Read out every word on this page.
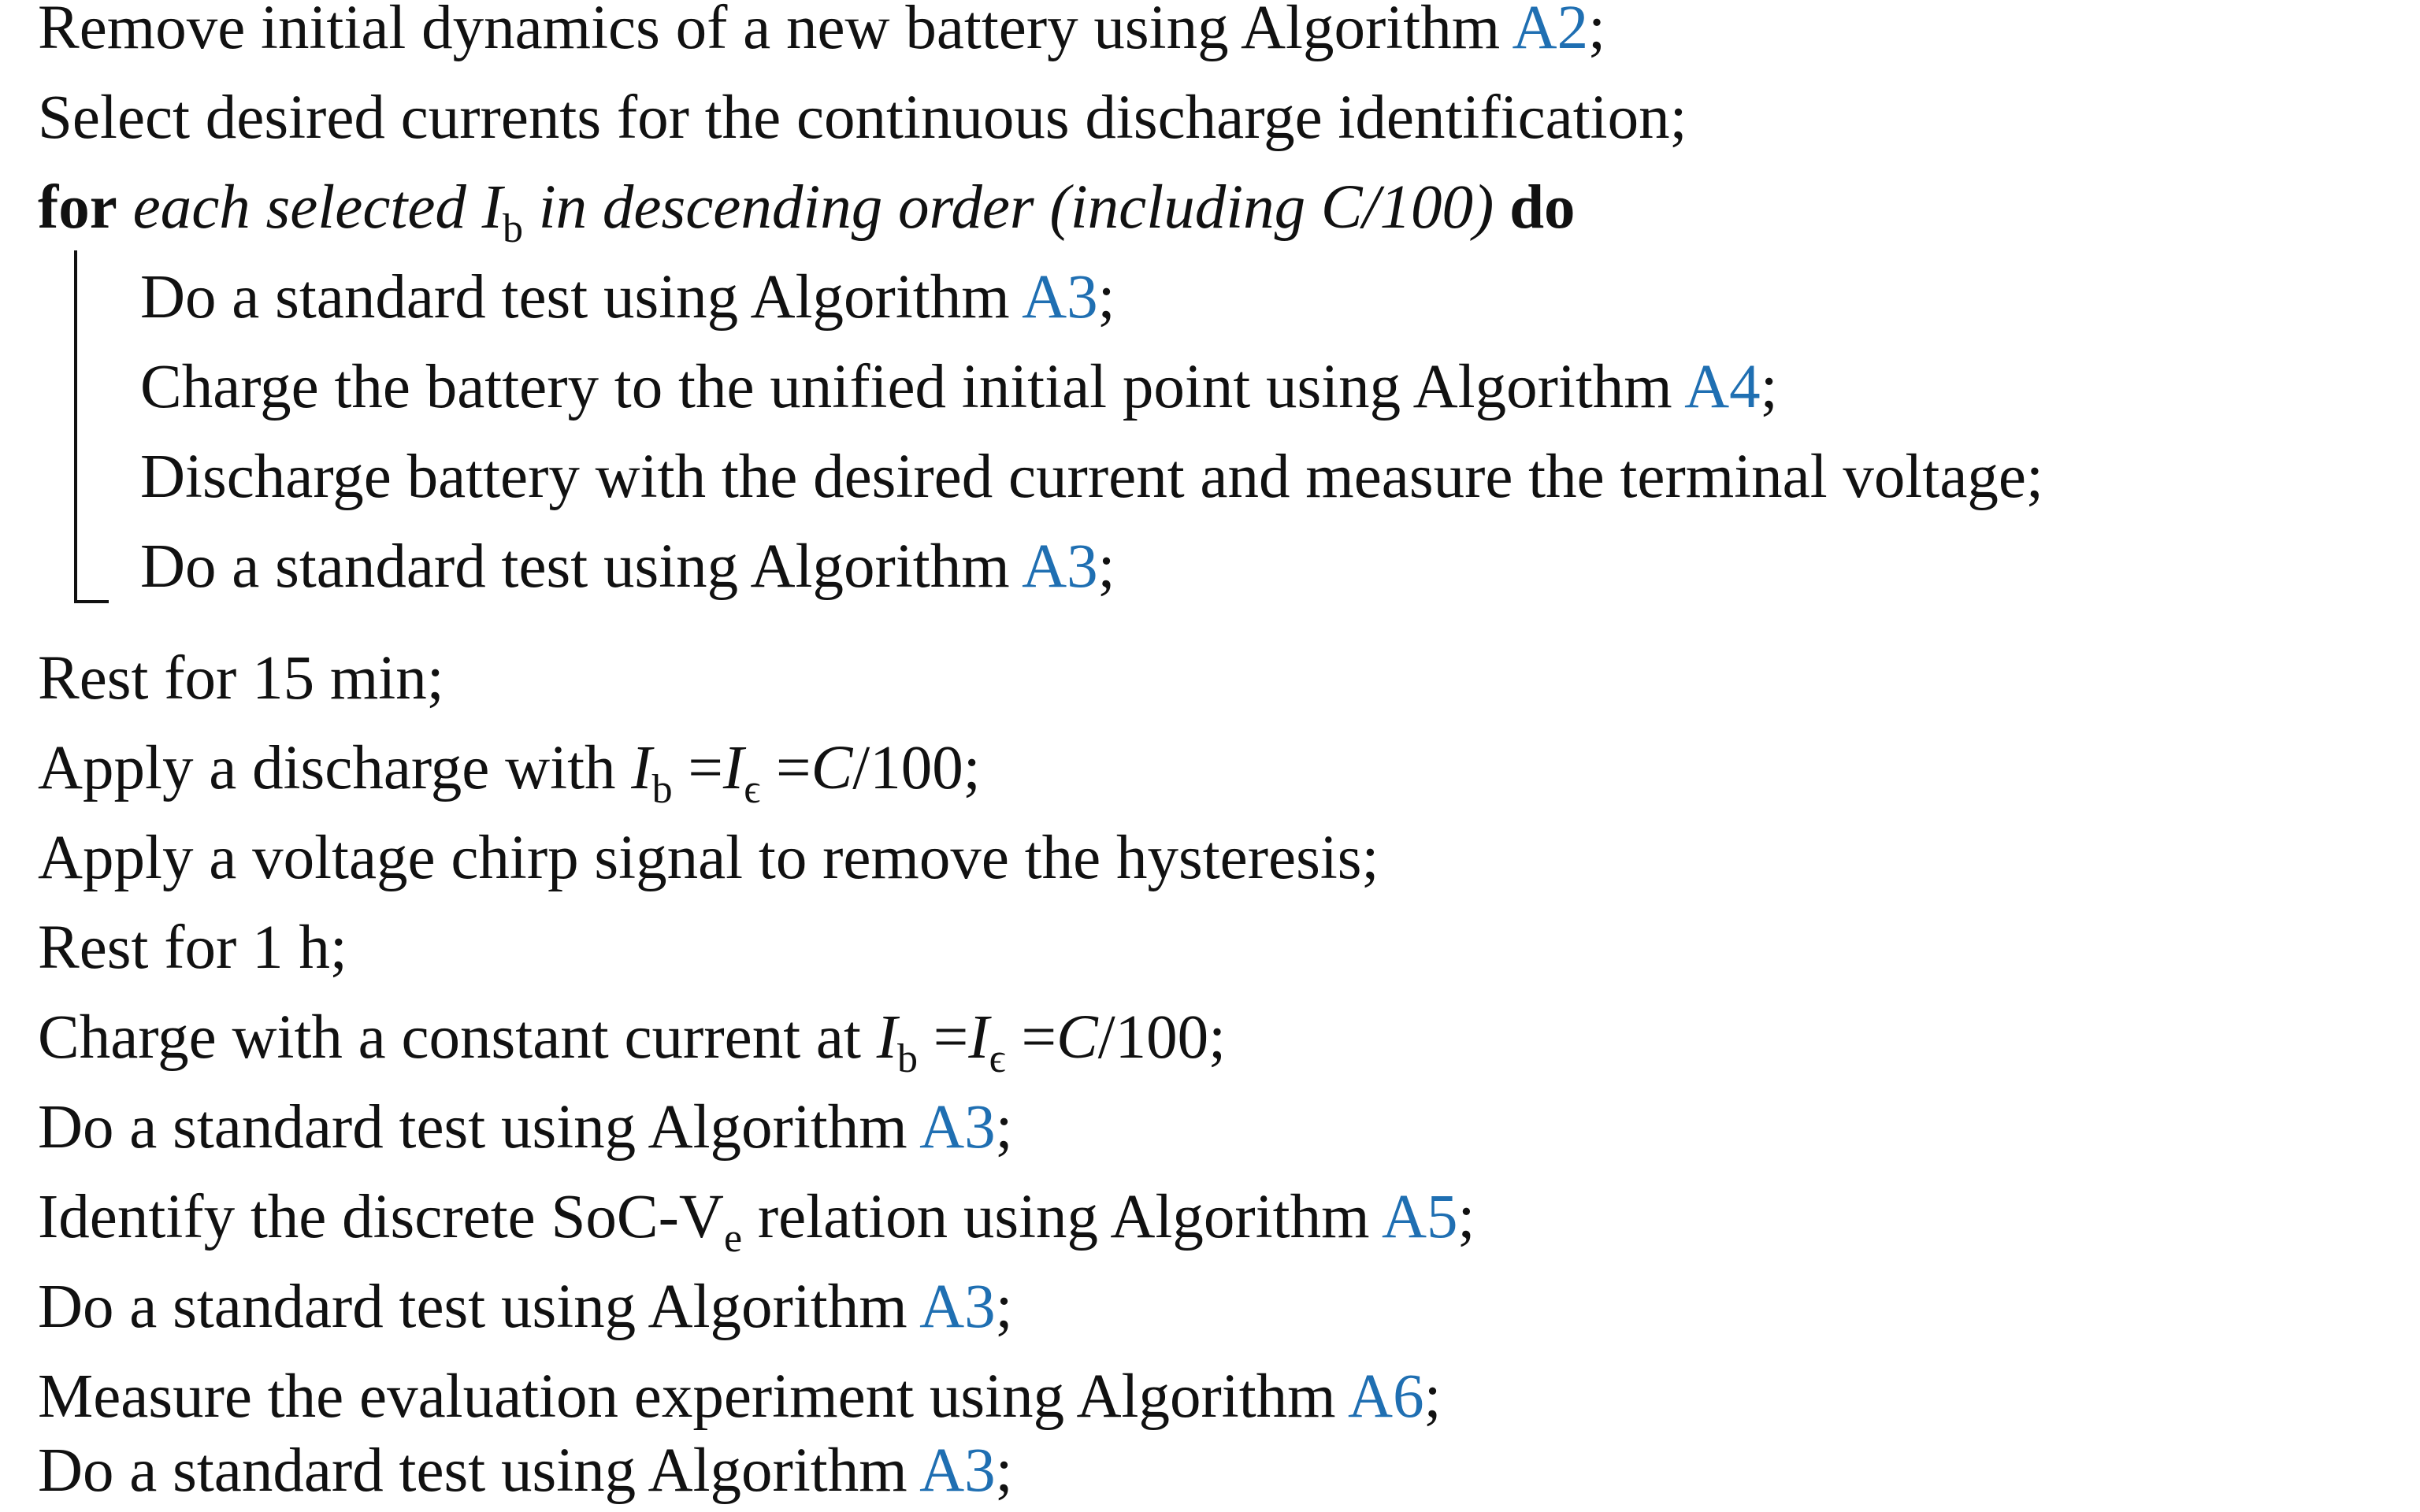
Remove initial dynamics of a new battery using Algorithm A2;
Select desired currents for the continuous discharge identification;
for each selected $I_b$ in descending order (including C/100) do
Do a standard test using Algorithm A3;
Charge the battery to the unified initial point using Algorithm A4;
Discharge battery with the desired current and measure the terminal voltage;
Do a standard test using Algorithm A3;
Rest for 15 min;
Apply a discharge with $I_b =I_\epsilon =C/100$;
Apply a voltage chirp signal to remove the hysteresis;
Rest for 1 h;
Charge with a constant current at $I_b =I_\epsilon =C/100$;
Do a standard test using Algorithm A3;
Identify the discrete SoC-$V_e$ relation using Algorithm A5;
Do a standard test using Algorithm A3;
Measure the evaluation experiment using Algorithm A6;
Do a standard test using Algorithm A3;
